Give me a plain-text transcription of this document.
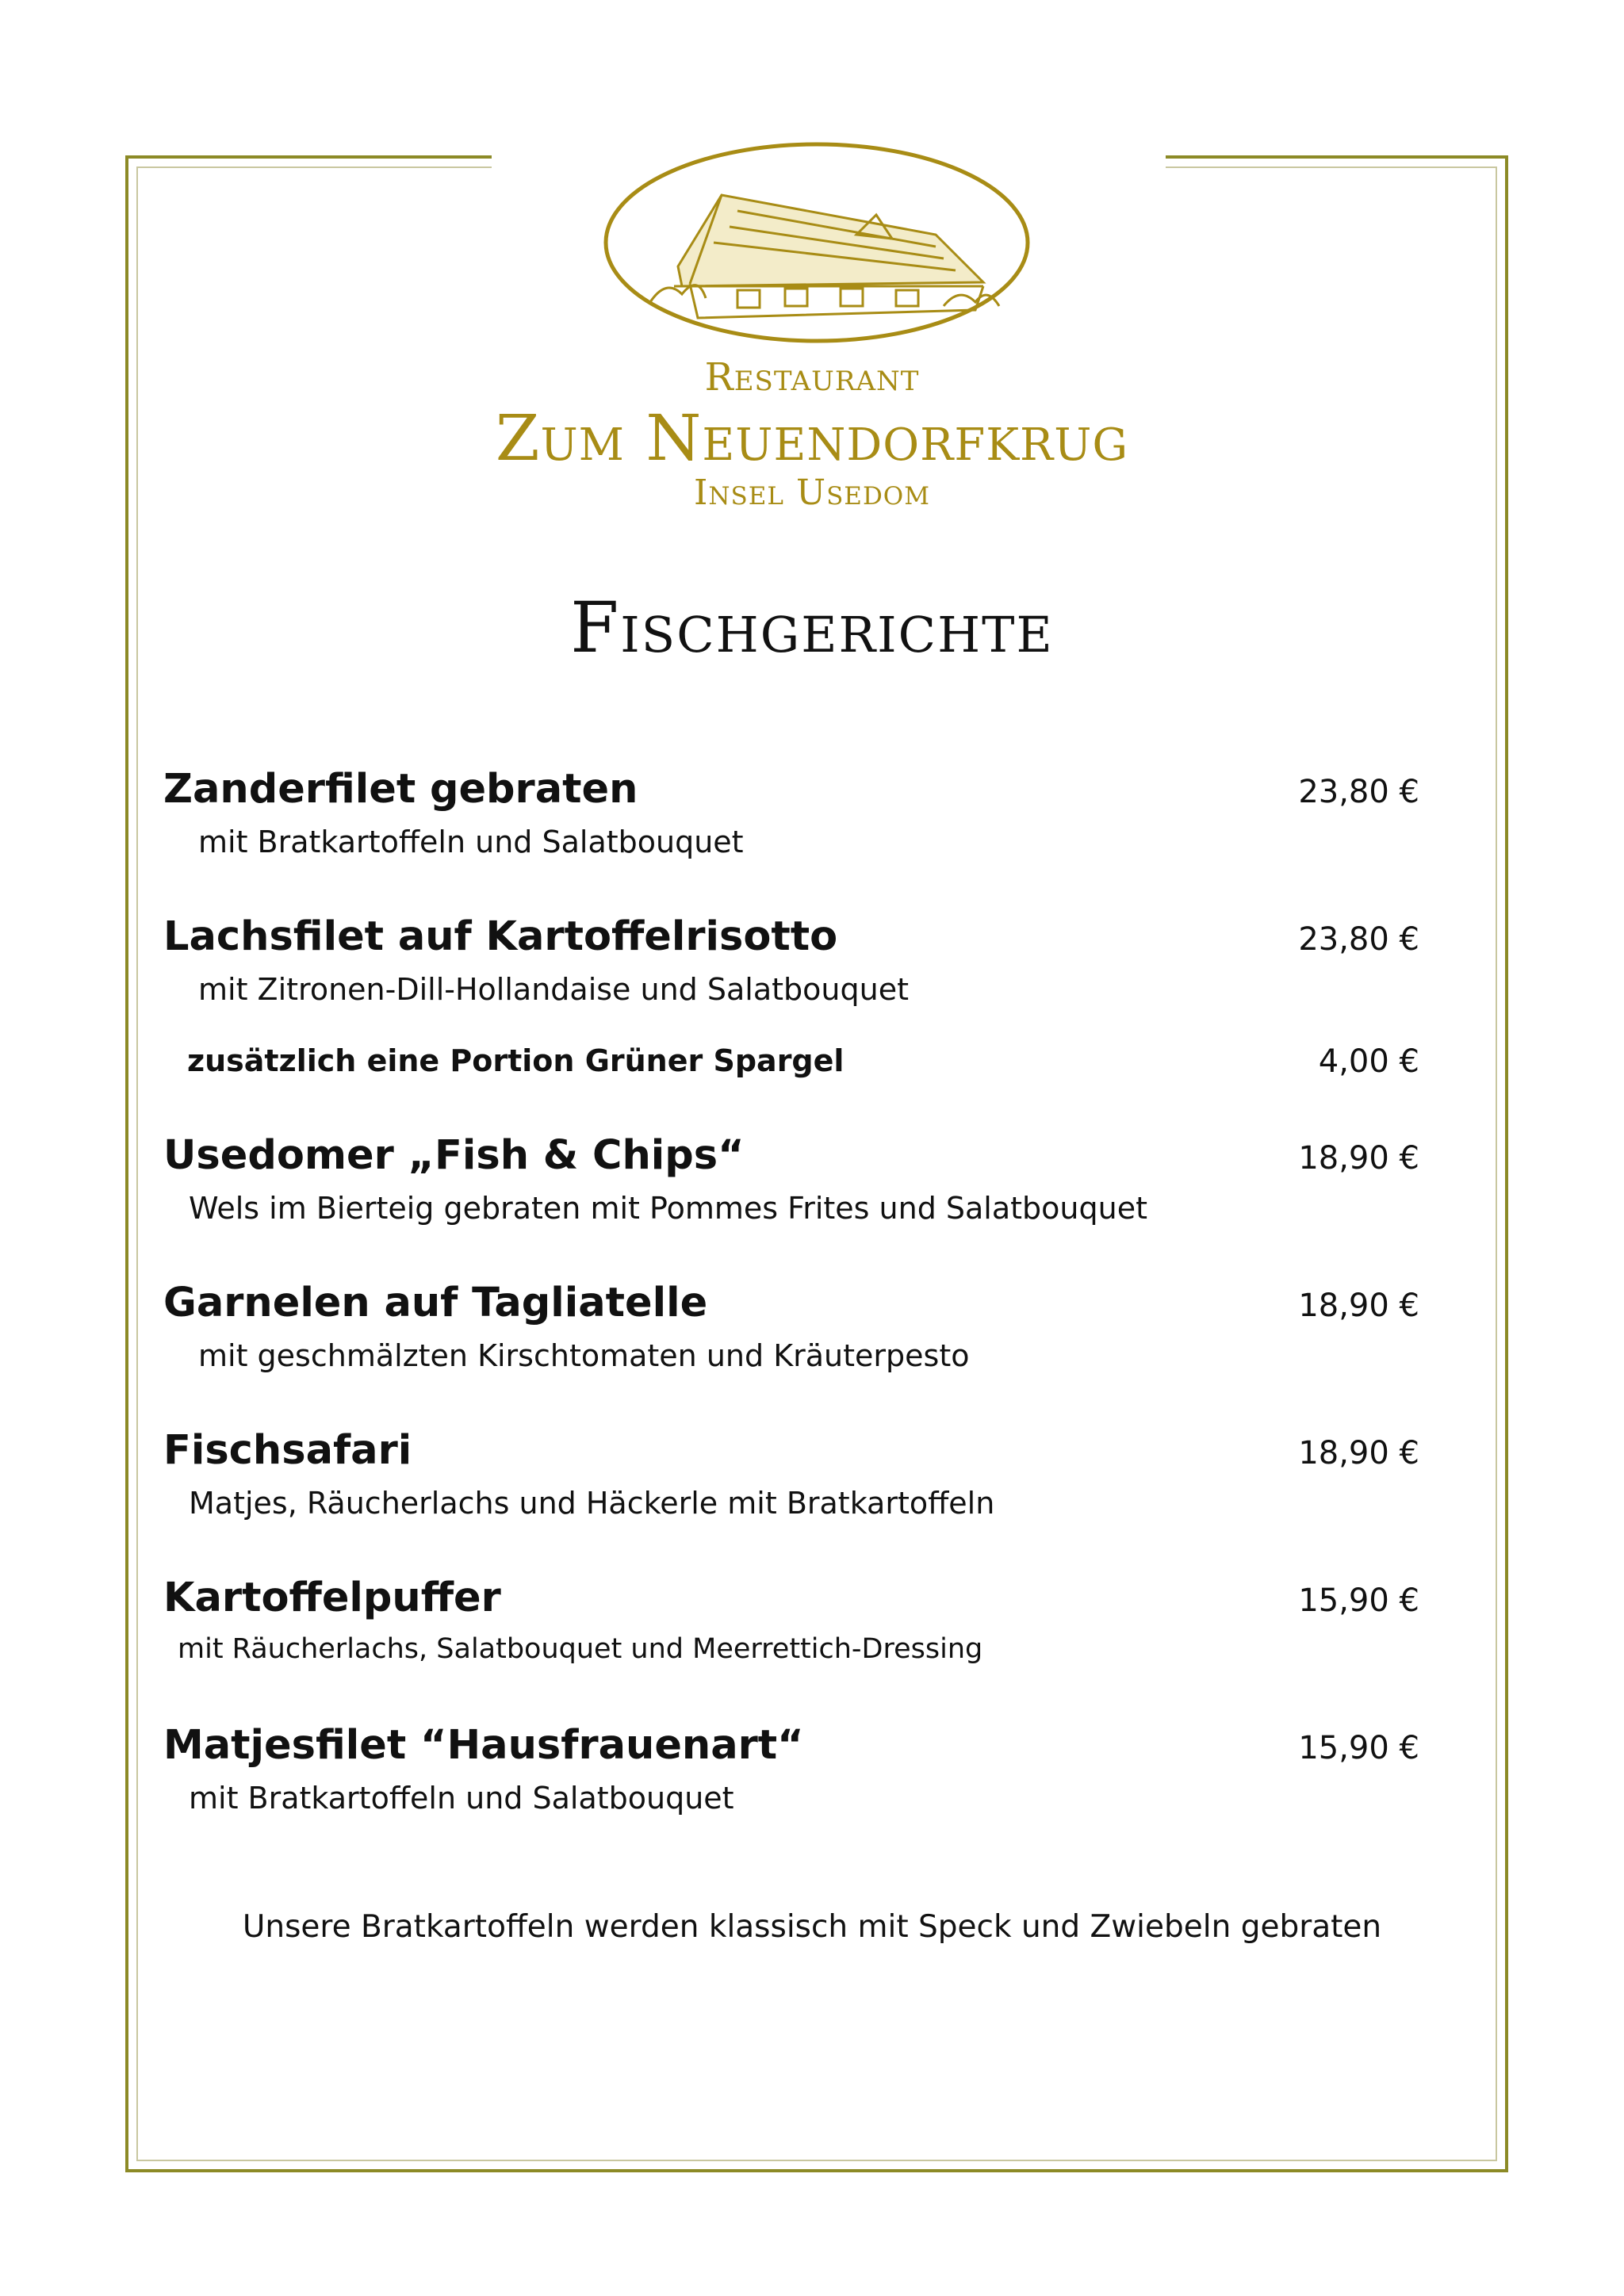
Restaurant
Zum Neuendorfkrug
Insel Usedom
Fischgerichte
Zanderfilet gebraten	23,80 €
mit Bratkartoffeln und Salatbouquet
Lachsfilet auf Kartoffelrisotto	23,80 €
mit Zitronen-Dill-Hollandaise und Salatbouquet
zusätzlich eine Portion Grüner Spargel	4,00 €
Usedomer „Fish & Chips“	18,90 €
Wels im Bierteig gebraten mit Pommes Frites und Salatbouquet
Garnelen auf Tagliatelle	18,90 €
mit geschmälzten Kirschtomaten und Kräuterpesto
Fischsafari	18,90 €
Matjes, Räucherlachs und Häckerle mit Bratkartoffeln
Kartoffelpuffer	15,90 €
mit Räucherlachs, Salatbouquet und Meerrettich-Dressing
Matjesfilet “Hausfrauenart“	15,90 €
mit Bratkartoffeln und Salatbouquet
Unsere Bratkartoffeln werden klassisch mit Speck und Zwiebeln gebraten
